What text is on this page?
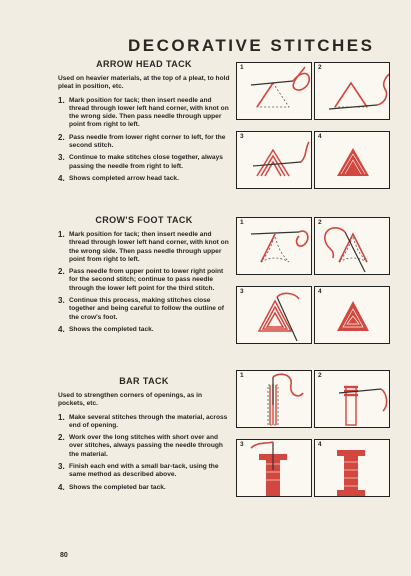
DECORATIVE STITCHES
ARROW HEAD TACK
Used on heavier materials, at the top of a pleat, to hold pleat in position, etc.
1. Mark position for tack; then insert needle and thread through lower left hand corner, with knot on the wrong side. Then pass needle through upper point from right to left.
2. Pass needle from lower right corner to left, for the second stitch.
3. Continue to make stitches close together, always passing the needle from right to left.
4. Shows completed arrow head tack.
CROW'S FOOT TACK
1. Mark position for tack; then insert needle and thread through lower left hand corner, with knot on the wrong side. Then pass needle through upper point from right to left.
2. Pass needle from upper point to lower right point for the second stitch; continue to pass needle through the lower left point for the third stitch.
3. Continue this process, making stitches close together and being careful to follow the outline of the crow's foot.
4. Shows the completed tack.
BAR TACK
Used to strengthen corners of openings, as in pockets, etc.
1. Make several stitches through the material, across end of opening.
2. Work over the long stitches with short over and over stitches, always passing the needle through the material.
3. Finish each end with a small bar-tack, using the same method as described above.
4. Shows the completed bar tack.
1	2
3	4
1	2
3	4
1	2
3	4
80
